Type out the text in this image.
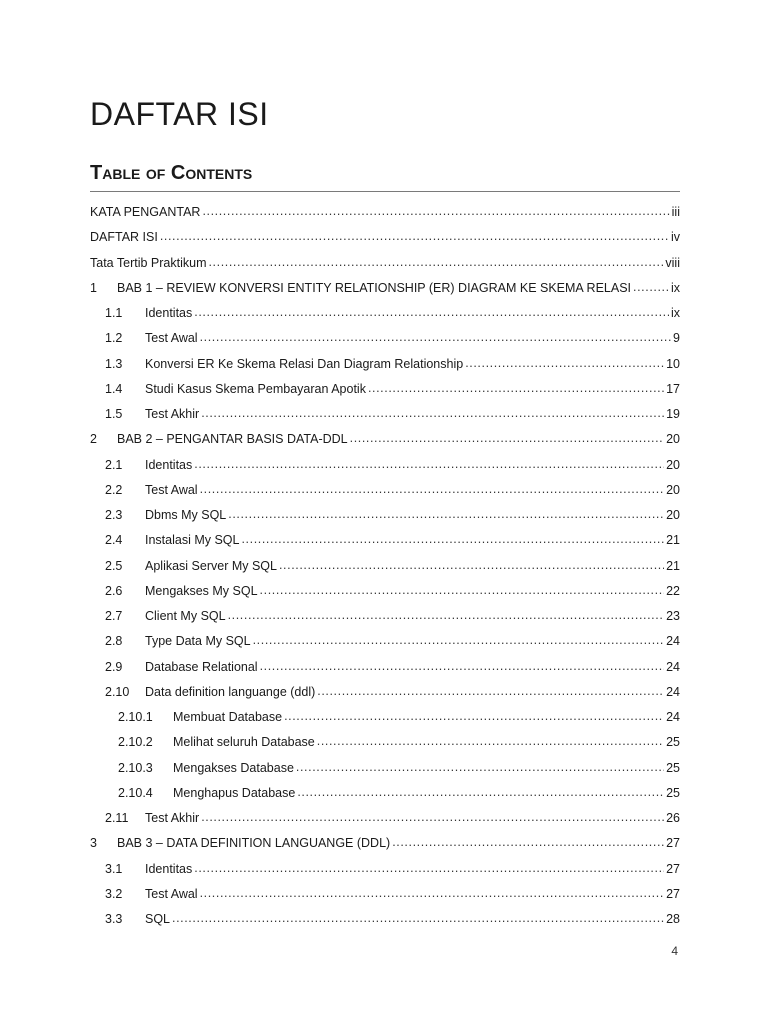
DAFTAR ISI
Table of Contents
KATA PENGANTAR .....	iii
DAFTAR ISI .....	iv
Tata Tertib Praktikum .....	viii
1	BAB 1 – REVIEW KONVERSI ENTITY RELATIONSHIP (ER) DIAGRAM KE SKEMA RELASI .....	ix
1.1	Identitas .....	ix
1.2	Test Awal .....	9
1.3	Konversi ER Ke Skema Relasi Dan Diagram Relationship .....	10
1.4	Studi Kasus Skema Pembayaran Apotik .....	17
1.5	Test Akhir .....	19
2	BAB 2 – PENGANTAR BASIS DATA-DDL .....	20
2.1	Identitas .....	20
2.2	Test Awal .....	20
2.3	Dbms My SQL .....	20
2.4	Instalasi My SQL .....	21
2.5	Aplikasi Server My SQL .....	21
2.6	Mengakses My SQL .....	22
2.7	Client My SQL .....	23
2.8	Type Data My SQL .....	24
2.9	Database Relational .....	24
2.10	Data definition languange (ddl) .....	24
2.10.1	Membuat Database .....	24
2.10.2	Melihat seluruh Database .....	25
2.10.3	Mengakses Database .....	25
2.10.4	Menghapus Database .....	25
2.11	Test Akhir .....	26
3	BAB 3 – DATA DEFINITION LANGUANGE (DDL) .....	27
3.1	Identitas .....	27
3.2	Test Awal .....	27
3.3	SQL .....	28
4
